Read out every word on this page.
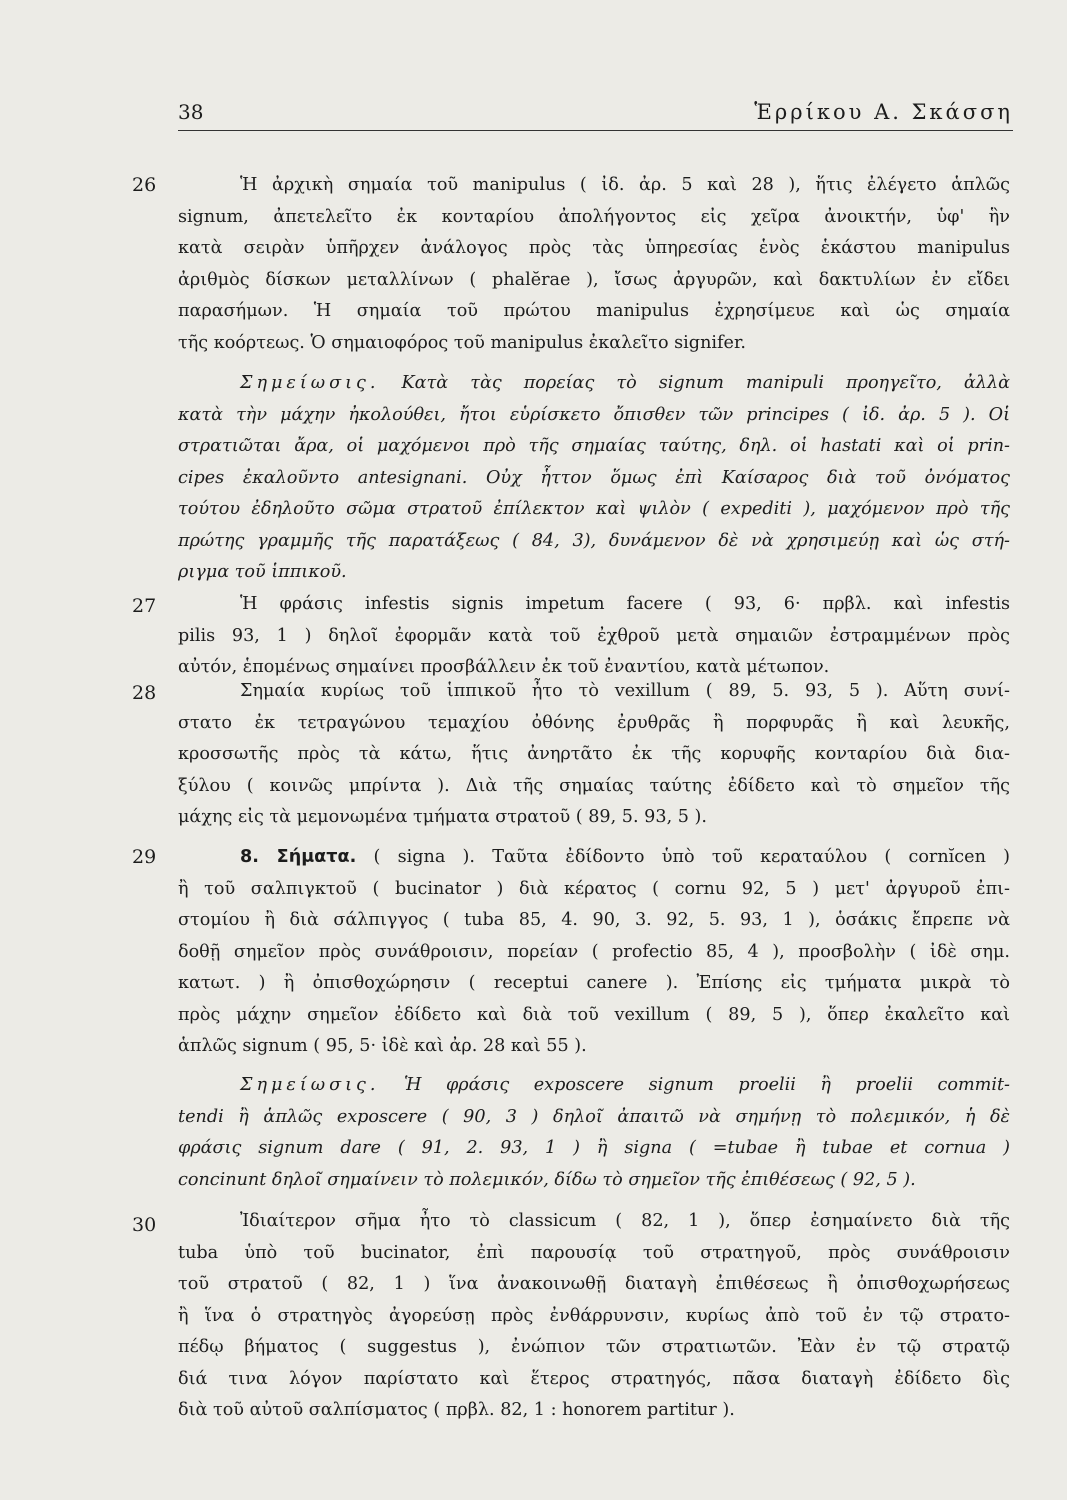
38	Ἑρρίκου Α. Σκάσση
26	Ἡ ἀρχικὴ σημαία τοῦ manipulus ( ἰδ. ἀρ. 5 καὶ 28 ), ἥτις ἐλέγετο ἁπλῶς
signum, ἀπετελεῖτο ἐκ κονταρίου ἀπολήγοντος εἰς χεῖρα ἀνοικτήν, ὑφ' ἣν
κατὰ σειρὰν ὑπῆρχεν ἀνάλογος πρὸς τὰς ὑπηρεσίας ἑνὸς ἑκάστου manipulus
ἀριθμὸς δίσκων μεταλλίνων ( phalĕrae ), ἴσως ἀργυρῶν, καὶ δακτυλίων ἐν εἴδει
παρασήμων. Ἡ σημαία τοῦ πρώτου manipulus ἐχρησίμευε καὶ ὡς σημαία
τῆς κοόρτεως. Ὁ σημαιοφόρος τοῦ manipulus ἐκαλεῖτο signifer.
Σημείωσις. Κατὰ τὰς πορείας τὸ signum manipuli προηγεῖτο, ἀλλὰ
κατὰ τὴν μάχην ἠκολούθει, ἤτοι εὑρίσκετο ὄπισθεν τῶν principes ( ἰδ. ἀρ. 5 ). Οἱ
στρατιῶται ἄρα, οἱ μαχόμενοι πρὸ τῆς σημαίας ταύτης, δηλ. οἱ hastati καὶ οἱ prin-
cipes ἐκαλοῦντο antesignani. Οὐχ ἧττον ὅμως ἐπὶ Καίσαρος διὰ τοῦ ὀνόματος
τούτου ἐδηλοῦτο σῶμα στρατοῦ ἐπίλεκτον καὶ ψιλὸν ( expediti ), μαχόμενον πρὸ τῆς
πρώτης γραμμῆς τῆς παρατάξεως ( 84, 3), δυνάμενον δὲ νὰ χρησιμεύῃ καὶ ὡς στή-
ριγμα τοῦ ἱππικοῦ.
27	Ἡ φράσις infestis signis impetum facere ( 93, 6· πρβλ. καὶ infestis
pilis 93, 1 ) δηλοῖ ἐφορμᾶν κατὰ τοῦ ἐχθροῦ μετὰ σημαιῶν ἐστραμμένων πρὸς
αὐτόν, ἑπομένως σημαίνει προσβάλλειν ἐκ τοῦ ἐναντίου, κατὰ μέτωπον.
28	Σημαία κυρίως τοῦ ἱππικοῦ ἦτο τὸ vexillum ( 89, 5. 93, 5 ). Αὕτη συνί-
στατο ἐκ τετραγώνου τεμαχίου ὀθόνης ἐρυθρᾶς ἢ πορφυρᾶς ἢ καὶ λευκῆς,
κροσσωτῆς πρὸς τὰ κάτω, ἥτις ἀνηρτᾶτο ἐκ τῆς κορυφῆς κονταρίου διὰ δια-
ξύλου ( κοινῶς μπρίντα ). Διὰ τῆς σημαίας ταύτης ἐδίδετο καὶ τὸ σημεῖον τῆς
μάχης εἰς τὰ μεμονωμένα τμήματα στρατοῦ ( 89, 5. 93, 5 ).
29	8. Σήματα. ( signa ). Ταῦτα ἐδίδοντο ὑπὸ τοῦ κεραταύλου ( cornĭcen )
ἢ τοῦ σαλπιγκτοῦ ( bucinator ) διὰ κέρατος ( cornu 92, 5 ) μετ' ἀργυροῦ ἐπι-
στομίου ἢ διὰ σάλπιγγος ( tuba 85, 4. 90, 3. 92, 5. 93, 1 ), ὁσάκις ἔπρεπε νὰ
δοθῇ σημεῖον πρὸς συνάθροισιν, πορείαν ( profectio 85, 4 ), προσβολὴν ( ἰδὲ σημ.
κατωτ. ) ἢ ὀπισθοχώρησιν ( receptui canere ). Ἐπίσης εἰς τμήματα μικρὰ τὸ
πρὸς μάχην σημεῖον ἐδίδετο καὶ διὰ τοῦ vexillum ( 89, 5 ), ὅπερ ἐκαλεῖτο καὶ
ἁπλῶς signum ( 95, 5· ἰδὲ καὶ ἀρ. 28 καὶ 55 ).
Σημείωσις. Ἡ φράσις exposcere signum proelii ἢ proelii commit-
tendi ἢ ἁπλῶς exposcere ( 90, 3 ) δηλοῖ ἀπαιτῶ νὰ σημήνῃ τὸ πολεμικόν, ἡ δὲ
φράσις signum dare ( 91, 2. 93, 1 ) ἢ signa ( =tubae ἢ tubae et cornua )
concinunt δηλοῖ σημαίνειν τὸ πολεμικόν, δίδω τὸ σημεῖον τῆς ἐπιθέσεως ( 92, 5 ).
30	Ἰδιαίτερον σῆμα ἦτο τὸ classicum ( 82, 1 ), ὅπερ ἐσημαίνετο διὰ τῆς
tuba ὑπὸ τοῦ bucinator, ἐπὶ παρουσίᾳ τοῦ στρατηγοῦ, πρὸς συνάθροισιν
τοῦ στρατοῦ ( 82, 1 ) ἵνα ἀνακοινωθῇ διαταγὴ ἐπιθέσεως ἢ ὀπισθοχωρήσεως
ἢ ἵνα ὁ στρατηγὸς ἀγορεύσῃ πρὸς ἐνθάρρυνσιν, κυρίως ἀπὸ τοῦ ἐν τῷ στρατο-
πέδῳ βήματος ( suggestus ), ἐνώπιον τῶν στρατιωτῶν. Ἐὰν ἐν τῷ στρατῷ
διά τινα λόγον παρίστατο καὶ ἕτερος στρατηγός, πᾶσα διαταγὴ ἐδίδετο δὶς
διὰ τοῦ αὐτοῦ σαλπίσματος ( πρβλ. 82, 1 : honorem partitur ).
